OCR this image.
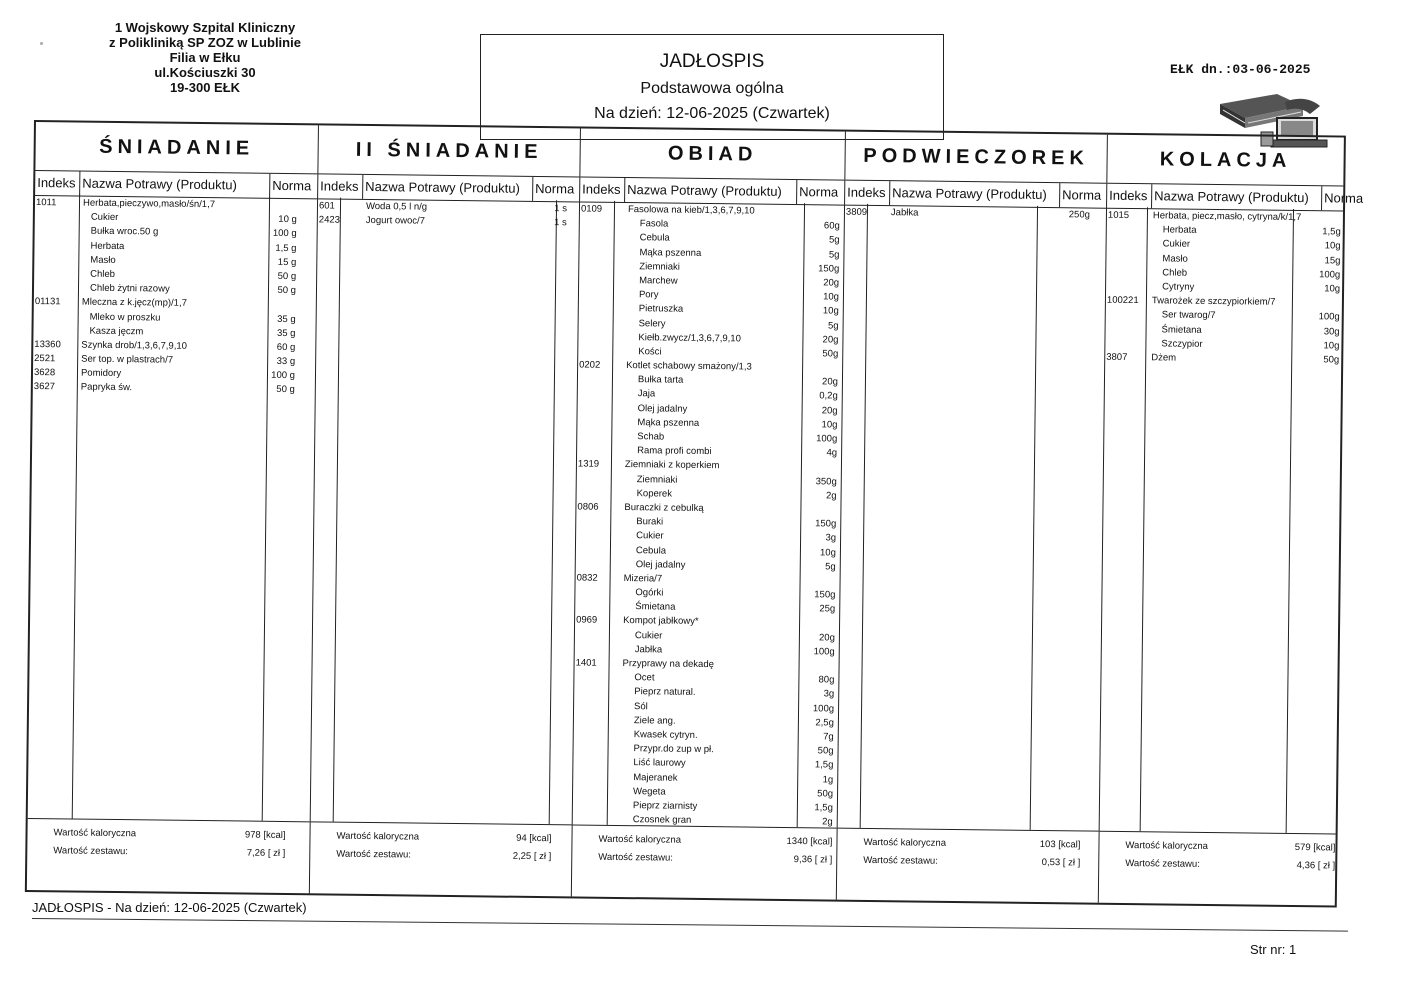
1 Wojskowy Szpital Kliniczny
z Polikliniką SP ZOZ w Lublinie
Filia w Ełku
ul.Kościuszki 30
19-300 EŁK
JADŁOSPIS
Podstawowa ogólna
Na dzień: 12-06-2025 (Czwartek)
EŁK dn.:03-06-2025
ŚNIADANIE
Indeks Nazwa Potrawy (Produktu)	Norma
1011	Herbata,pieczywo,masło/śn/1,7
Cukier	10 g
Bułka wroc.50 g	100 g
Herbata	1,5 g
Masło	15 g
Chleb	50 g
Chleb żytni razowy	50 g
01131 Mleczna z k.jęcz(mp)/1,7
Mleko w proszku	35 g
Kasza jęczm	35 g
13360 Szynka drob/1,3,6,7,9,10	60 g
2521	Ser top. w plastrach/7	33 g
3628	Pomidory	100 g
3627	Papryka św.	50 g
Wartość kaloryczna	978 [kcal]
Wartość zestawu:	7,26 [ zł ]
II ŚNIADANIE
Indeks Nazwa Potrawy (Produktu)	Norma
601	Woda 0,5 l n/g	1 s
2423	Jogurt owoc/7	1 s
Wartość kaloryczna	94 [kcal]
Wartość zestawu:	2,25 [ zł ]
OBIAD
Indeks Nazwa Potrawy (Produktu)	Norma
0109	Fasolowa na kieb/1,3,6,7,9,10
Fasola	60g
Cebula	5g
Mąka pszenna	5g
Ziemniaki	150g
Marchew	20g
Pory	10g
Pietruszka	10g
Selery	5g
Kiełb.zwycz/1,3,6,7,9,10	20g
Kości	50g
0202	Kotlet schabowy smażony/1,3
Bułka tarta	20g
Jaja	0,2g
Olej jadalny	20g
Mąka pszenna	10g
Schab	100g
Rama profi combi	4g
1319	Ziemniaki z koperkiem
Ziemniaki	350g
Koperek	2g
0806	Buraczki z cebulką
Buraki	150g
Cukier	3g
Cebula	10g
Olej jadalny	5g
0832	Mizeria/7
Ogórki	150g
Śmietana	25g
0969	Kompot jabłkowy*
Cukier	20g
Jabłka	100g
1401	Przyprawy na dekadę
Ocet	80g
Pieprz natural.	3g
Sól	100g
Ziele ang.	2,5g
Kwasek cytryn.	7g
Przypr.do zup w pł.	50g
Liść laurowy	1,5g
Majeranek	1g
Wegeta	50g
Pieprz ziarnisty	1,5g
Czosnek gran	2g
Wartość kaloryczna	1340 [kcal]
Wartość zestawu:	9,36 [ zł ]
PODWIECZOREK
Indeks Nazwa Potrawy (Produktu)	Norma
3809 Jabłka	250g
Wartość kaloryczna	103 [kcal]
Wartość zestawu:	0,53 [ zł ]
KOLACJA
Indeks Nazwa Potrawy (Produktu)	Norma
1015 Herbata, piecz,masło, cytryna/k/1,7
Herbata	1,5g
Cukier	10g
Masło	15g
Chleb	100g
Cytryny	10g
100221 Twarożek ze szczypiorkiem/7
Ser twarog/7	100g
Śmietana	30g
Szczypior	10g
3807 Dżem	50g
Wartość kaloryczna	579 [kcal]
Wartość zestawu:	4,36 [ zł ]
JADŁOSPIS - Na dzień: 12-06-2025 (Czwartek)
Str nr: 1
